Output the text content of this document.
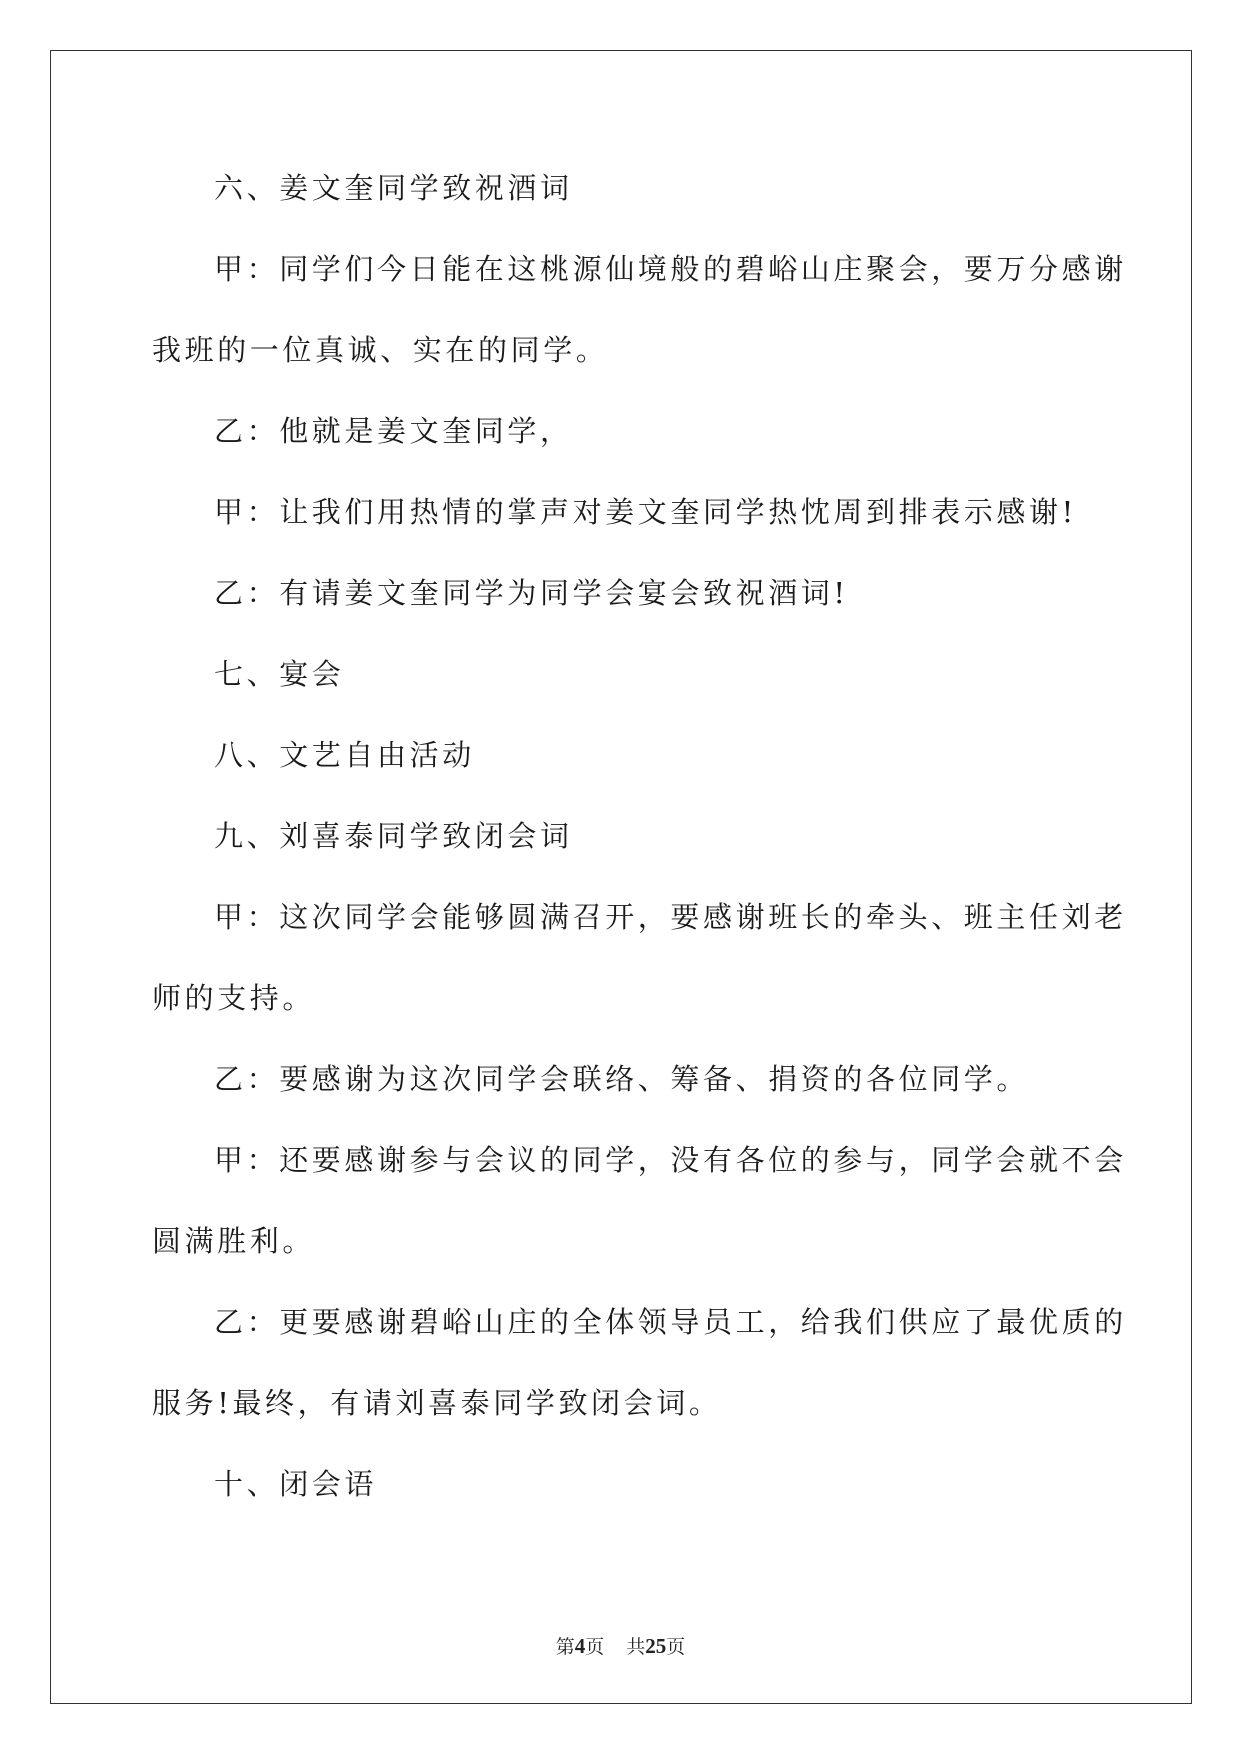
六、姜文奎同学致祝酒词

甲：同学们今日能在这桃源仙境般的碧峪山庄聚会，要万分感谢

我班的一位真诚、实在的同学。

乙：他就是姜文奎同学，

甲：让我们用热情的掌声对姜文奎同学热忱周到排表示感谢!

乙：有请姜文奎同学为同学会宴会致祝酒词!

七、宴会

八、文艺自由活动

九、刘喜泰同学致闭会词

甲：这次同学会能够圆满召开，要感谢班长的牵头、班主任刘老

师的支持。

乙：要感谢为这次同学会联络、筹备、捐资的各位同学。

甲：还要感谢参与会议的同学，没有各位的参与，同学会就不会

圆满胜利。

乙：更要感谢碧峪山庄的全体领导员工，给我们供应了最优质的

服务!最终，有请刘喜泰同学致闭会词。

十、闭会语

第4页 共25页
